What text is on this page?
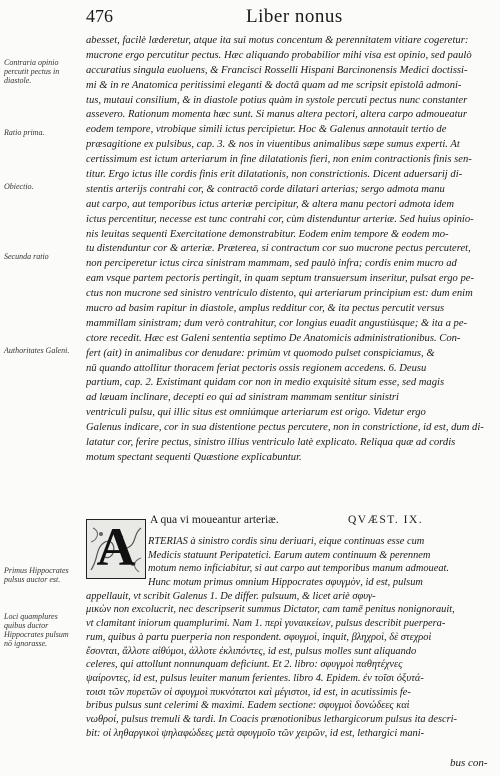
476	Liber nonus
Contraria opinio percutit pectus in diastole.
Ratio prima.
Obiectio.
Secunda ratio
Authoritates Galeni.
Primus Hippocrates pulsus auctor est.
Loci quamplures quibus ductor Hippocrates pulsum nō ignorasse.
abesset, facilè læderetur, atque ita sui motus concentum & perennitatem vitiare cogeretur:
mucrone ergo percutitur pectus. Hæc aliquando probabilior mihi visa est opinio, sed paulò
accuratius singula euoluens, & Francisci Rosselli Hispani Barcinonensis Medici doctissi-
mi & in re Anatomica peritissimi eleganti & doctâ quam ad me scripsit epistolâ admoni-
tus, mutaui consilium, & in diastole potius quàm in systole percuti pectus nunc constanter
assevero. Rationum momenta hæc sunt. Si manus altera pectori, altera carpo admoueatur
eodem tempore, vtrobique simili ictus percipietur. Hoc & Galenus annotauit tertio de
præsagitione ex pulsibus, cap. 3. & nos in viuentibus animalibus sæpe sumus experti. At
certissimum est ictum arteriarum in fine dilatationis fieri, non enim contractionis finis sen-
titur. Ergo ictus ille cordis finis erit dilatationis, non constrictionis. Dicent aduersarij di-
stentis arterijs contrahi cor, & contractō corde dilatari arterias; sergo admota manu
aut carpo, aut temporibus ictus arteriæ percipitur, & altera manu pectori admota idem
ictus percentitur, necesse est tunc contrahi cor, cùm distenduntur arteriæ. Sed huius opinio-
nis leuitas sequenti Exercitatione demonstrabitur. Eodem enim tempore & eodem mo-
tu distenduntur cor & arteriæ. Præterea, si contractum cor suo mucrone pectus percuteret,
non perciperetur ictus circa sinistram mammam, sed paulò infra; cordis enim mucro ad
eam vsque partem pectoris pertingit, in quam septum transuersum inseritur, pulsat ergo pe-
ctus non mucrone sed sinistro ventriculo distento, qui arteriarum principium est: dum enim
mucro ad basim rapitur in diastole, amplus redditur cor, & ita pectus percutit versus
mammillam sinistram; dum verò contrahitur, cor longius euadit angustiúsque; & ita a pe-
ctore recedit. Hæc est Galeni sententia septimo De Anatomicis administrationibus. Con-
fert (ait) in animalibus cor denudare: primùm vt quomodo pulset conspiciamus, &
nū quando attollitur thoracem feriat pectoris ossis regionem accedens. 6. Deusu
partium, cap. 2. Existimant quidam cor non in medio exquisitè situm esse, sed magis
ad læuam inclinare, decepti eo qui ad sinistram mammam sentitur sinistri
ventriculi pulsu, qui illic situs est omniúmque arteriarum est origo. Videtur ergo
Galenus indicare, cor in sua distentione pectus percutere, non in constrictione, id est, dum di-
latatur cor, ferire pectus, sinistro illius ventriculo latè explicato. Reliqua quæ ad cordis
motum spectant sequenti Quæstione explicabuntur.
A qua vi moueantur arteriæ.	QVÆST. IX.
A	RTERIAS à sinistro cordis sinu deriuari, eique continuas esse cum
Medicis statuunt Peripatetici. Earum autem continuum & perennem
motum nemo inficiabitur, si aut carpo aut temporibus manum admoueat.
Hunc motum primus omnium Hippocrates σφυγμὸν, id est, pulsum
appellauit, vt scribit Galenus 1. De differ. pulsuum, & licet ariè σφυγ-
μικὼν non excolucrit, nec descripserit summus Dictator, cam tamē penitus nonignorauit,
vt clamitant iniorum quamplurimi. Nam 1. περὶ γυναικείων, pulsus describit puerpera-
rum, quibus à partu puerperia non respondent. σφυγμοὶ, inquit, βληχροὶ, δὲ στεχροὶ
ἔσονται, ἄλλοτε αἰθύμοι, ἀλλοτε ἐκλιπόντες, id est, pulsus molles sunt aliquando
celeres, qui attollunt nonnunquam deficiunt. Et 2. libro: σφυγμοὶ παθητέχνες
ψαίροντες, id est, pulsus leuiter manum ferientes. libro 4. Epidem. ἐν τοῖσι ὀξυτά-
τοισι τῶν πυρετῶν οἱ σφυγμοὶ πυκνότατοι καὶ μέγιστοι, id est, in acutissimis fe-
bribus pulsus sunt celerimi & maximi. Eadem sectione: σφυγμοὶ δονώδεες καὶ
νωθροί, pulsus tremuli & tardi. In Coacis prænotionibus lethargicorum pulsus ita descri-
bit: οἱ ληθαργικοὶ ψηλαφώδεες μετὰ σφυγμοῖο τῶν χειρῶν, id est, lethargici mani-
bus con-
